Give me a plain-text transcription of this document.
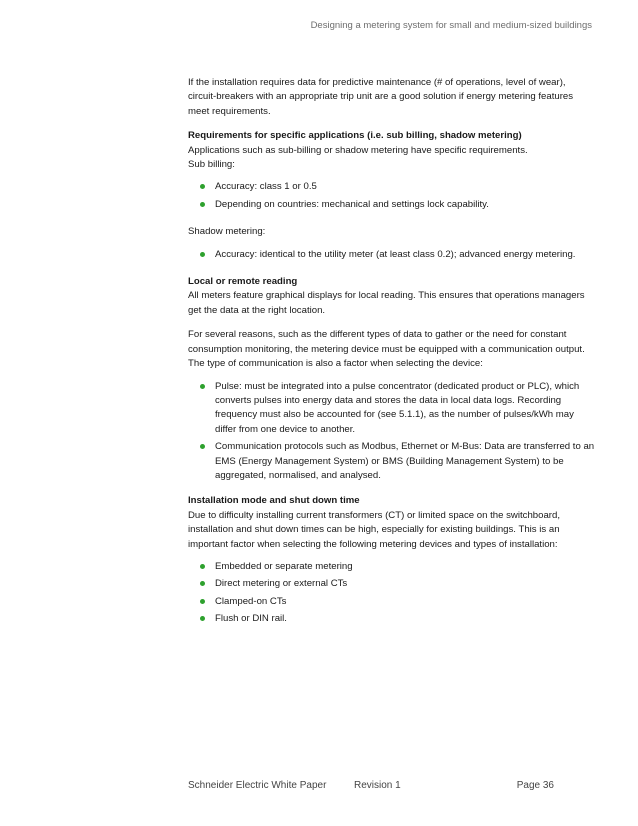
Designing a metering system for small and medium-sized buildings

If the installation requires data for predictive maintenance (# of operations, level of wear), circuit-breakers with an appropriate trip unit are a good solution if energy metering features meet requirements.

Requirements for specific applications (i.e. sub billing, shadow metering)

Applications such as sub-billing or shadow metering have specific requirements.

Sub billing:

Accuracy: class 1 or 0.5
Depending on countries: mechanical and settings lock capability.

Shadow metering:

Accuracy: identical to the utility meter (at least class 0.2); advanced energy metering.

Local or remote reading

All meters feature graphical displays for local reading. This ensures that operations managers get the data at the right location.

For several reasons, such as the different types of data to gather or the need for constant consumption monitoring, the metering device must be equipped with a communication output. The type of communication is also a factor when selecting the device:

Pulse: must be integrated into a pulse concentrator (dedicated product or PLC), which converts pulses into energy data and stores the data in local data logs. Recording frequency must also be accounted for (see 5.1.1), as the number of pulses/kWh may differ from one device to another.
Communication protocols such as Modbus, Ethernet or M-Bus: Data are transferred to an EMS (Energy Management System) or BMS (Building Management System) to be aggregated, normalised, and analysed.

Installation mode and shut down time

Due to difficulty installing current transformers (CT) or limited space on the switchboard, installation and shut down times can be high, especially for existing buildings. This is an important factor when selecting the following metering devices and types of installation:

Embedded or separate metering
Direct metering or external CTs
Clamped-on CTs
Flush or DIN rail.
Schneider Electric White Paper	Revision 1	Page 36
